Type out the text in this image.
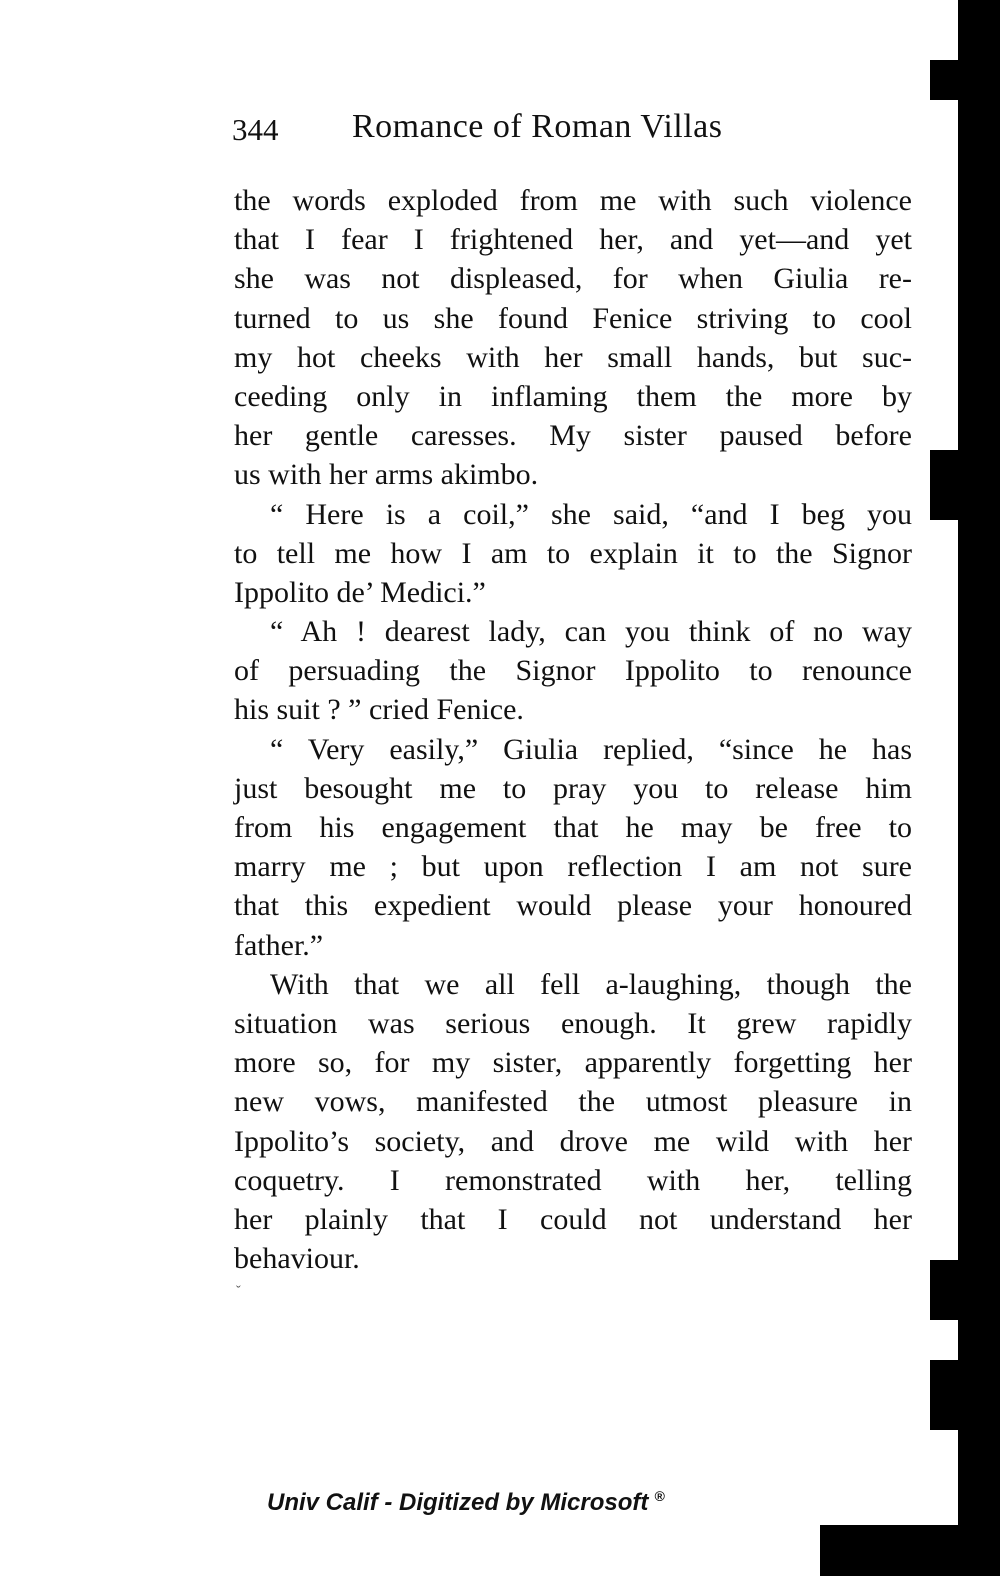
344 Romance of Roman Villas
the words exploded from me with such violence
that I fear I frightened her, and yet—and yet
she was not displeased, for when Giulia re-
turned to us she found Fenice striving to cool
my hot cheeks with her small hands, but suc-
ceeding only in inflaming them the more by
her gentle caresses. My sister paused before
us with her arms akimbo.
“ Here is a coil,” she said, “and I beg you
to tell me how I am to explain it to the Signor
Ippolito de’ Medici.”
“ Ah ! dearest lady, can you think of no way
of persuading the Signor Ippolito to renounce
his suit ? ” cried Fenice.
“ Very easily,” Giulia replied, “since he has
just besought me to pray you to release him
from his engagement that he may be free to
marry me ; but upon reflection I am not sure
that this expedient would please your honoured
father.”
With that we all fell a-laughing, though the
situation was serious enough. It grew rapidly
more so, for my sister, apparently forgetting her
new vows, manifested the utmost pleasure in
Ippolito’s society, and drove me wild with her
coquetry. I remonstrated with her, telling
her plainly that I could not understand her
behaviour.
ˇ
Univ Calif - Digitized by Microsoft ®
